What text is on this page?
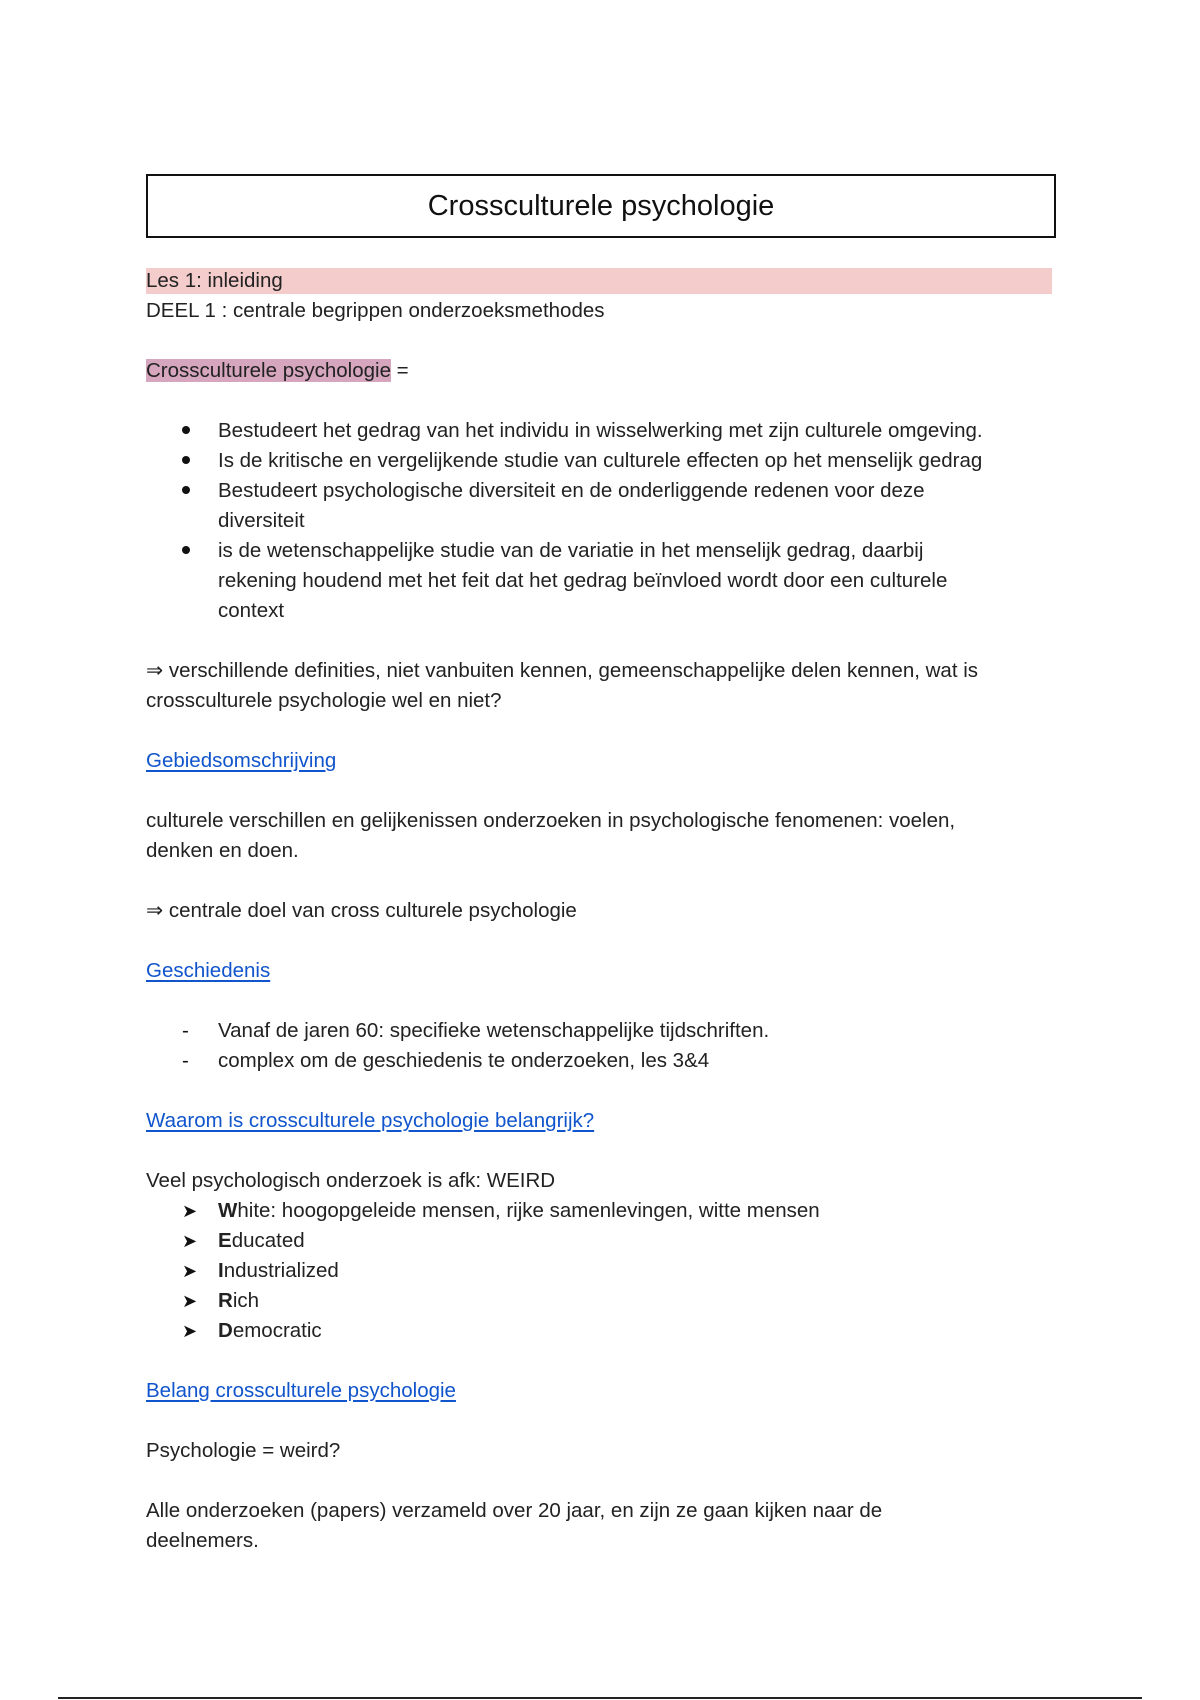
Crossculturele psychologie
Les 1: inleiding
DEEL 1 : centrale begrippen onderzoeksmethodes
Crossculturele psychologie =
Bestudeert het gedrag van het individu in wisselwerking met zijn culturele omgeving.
Is de kritische en vergelijkende studie van culturele effecten op het menselijk gedrag
Bestudeert psychologische diversiteit en de onderliggende redenen voor deze
diversiteit
is de wetenschappelijke studie van de variatie in het menselijk gedrag, daarbij
rekening houdend met het feit dat het gedrag beïnvloed wordt door een culturele
context
⇒ verschillende definities, niet vanbuiten kennen, gemeenschappelijke delen kennen, wat is
crossculturele psychologie wel en niet?
Gebiedsomschrijving
culturele verschillen en gelijkenissen onderzoeken in psychologische fenomenen: voelen,
denken en doen.
⇒ centrale doel van cross culturele psychologie
Geschiedenis
-	Vanaf de jaren 60: specifieke wetenschappelijke tijdschriften.
-	complex om de geschiedenis te onderzoeken, les 3&4
Waarom is crossculturele psychologie belangrijk?
Veel psychologisch onderzoek is afk: WEIRD
➤	White: hoogopgeleide mensen, rijke samenlevingen, witte mensen
➤	Educated
➤	Industrialized
➤	Rich
➤	Democratic
Belang crossculturele psychologie
Psychologie = weird?
Alle onderzoeken (papers) verzameld over 20 jaar, en zijn ze gaan kijken naar de
deelnemers.
